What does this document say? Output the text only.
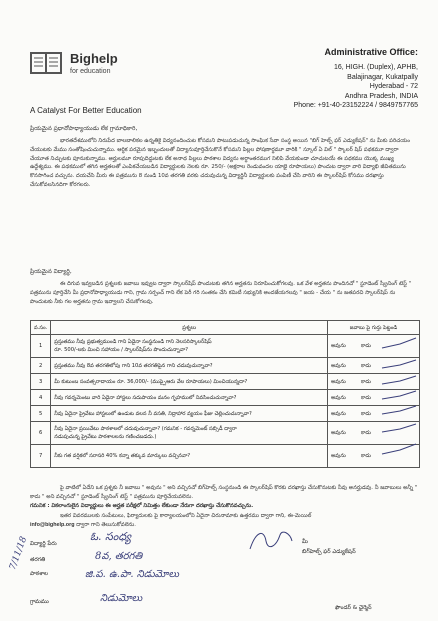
Bighelp
for education
A Catalyst For Better Education
Administrative Office:
16, HIGH. (Duplex), APHB,
Balajinagar, Kukatpally
Hyderabad - 72
Andhra Pradesh, INDIA
Phone: +91-40-23152224 / 9849757765
ప్రియమైన ప్రధానోపాధ్యాయుడు లేక గ్రామాధికారి,
భారతదేశములోని నిరుపేద బాలబాలికల ఉన్నతికై విద్యనందించుట కోసమని పాటుపడుచున్న సాంఘిక సేవా సంస్థ అయిన "బిగ్ హెల్ప్ ఫర్ ఎడ్యుకేషన్" ను మీకు పరిచయం చేయుటకు మేము సంతోషించుచున్నాము. ఆర్ధిక పరమైన ఇబ్బందులతో విద్యానువూర్తిచేసుకొనే కోసమని పిల్లల పోషణార్థమూ వారికి " స్కూల్ ఏ విల్ " స్కాలర్ షిప్ పథకమూ ద్వారా చేయూత నిచ్చుటకు పూనుకున్నాము. అర్హులమూ రూపుదిద్దుటకు లేక అనాథ పిల్లలు పాఠశాల విద్యను అర్ధాంతరముగ నిలిపి వేయకుండా చూచుటయే ఈ పథకము యొక్క ముఖ్య ఉద్దేశ్యము. ఈ పథకములో తగిన అర్హతలతో ఎంపికచేయబడిన విద్యార్థులకు నెలకు రూ. 250/- (అక్షరాల రెండువందల యాభై రూపాయలు) పొందుట ద్వారా వారి విద్యాభి జీవితమును కొనసాగించ వచ్చును. దయచేసి మీరు ఈ పత్రమును 8 నుండి 10వ తరగతి వరకు చదువుచున్న విద్యార్థినీ విద్యార్థులకు పంపిణీ చేసి వారిని ఈ స్కాలర్‌షిప్ కోసము దరఖాస్తు చేసుకోవలసినదిగా కోరగలరు.
ప్రియమైన విద్యార్థి,
ఈ దిగువ ఇవ్వబడిన ప్రశ్నలకు జవాబు ఇవ్వుట ద్వారా స్కాలర్‌షిప్ పొందుటకు తగిన అర్హతను నిరూపించుకోగలవు. ఒక వేళ అర్హతను పొందినచో " స్టూడెంట్ స్క్రీనింగ్ టెస్ట్ " పత్రమును పూర్తిచేసి మీ ప్రధానోపాధ్యాయుడు గాని, గ్రామ సర్పంచ్ గాని లేక పెరీ గరి సంతకం చేసి కమిటీ సభ్యునికి అందజేయగలవు " జయ - చేయ " ను జతపరచి స్కాలర్‌షిప్ ను పొందుటకు నీకు గల అర్హతను గ్రామ ఇవ్వాలని చేసుకోగలవు.
వ.సం.	ప్రశ్నలు	జవాబు పై గుర్తు పెట్టండి
1	ప్రస్తుతము నీవు ప్రభుత్వముండి గాని ఏదైనా సంస్థనుండి గాని నెలసరిస్కాలర్‌షిప్
రూ. 500/-లకు మించి సహాయం / స్కాలర్‌షిప్‌ను పొందుచున్నావా?	అవును కాదు
2	ప్రస్తుతము నీవు 8వ తరగతిలోపు గాని 10వ తరగతిపైన గాని చదువుచున్నావా?	అవును కాదు
3	మీ కుటుంబ సంవత్సరాదాయం రూ. 36,000/- (ముప్పైఆరు వేల రూపాయలు) మించియున్నదా?	అవును కాదు
4	నీవు గవర్నమెంటు వారి ఏదైనా హాస్టలు సదుపాయం మనం గృహములో నివసించుచున్నావా?	అవును కాదు
5	నీవు ఏదైనా ప్రైవేటు హాస్టలులో ఉండుట వలన నీ వసతి, నిద్రాహార వ్యయం ఫీజు చెల్లించుచున్నావా?	అవును కాదు
6	నీవు ఏదైనా ప్రయివేటు పాఠశాలలో చదువుచున్నావా? (గమనిక - గవర్నమెంట్ సబ్సిడీ ద్వారా
నడుపుచున్న ప్రైవేటు పాఠశాలలను గణించబడదు.)	అవును కాదు
7	నీకు గత వర్షికలో సరాసరి 40% కన్నా తక్కువ మార్కులు వచ్చినవా?	అవును కాదు
పై వాటిలో ఏదేని ఒక ప్రశ్నకు నీ జవాబు " అవును " అని వచ్చినచో బిగ్‌హెల్ప్ సంస్థనుండి ఈ స్కాలర్‌షిప్ కొరకు దరఖాస్తు చేసుకొనుటకు నీవు అనర్హుడవు. నీ జవాబులు అన్నీ " కాదు " అని వచ్చినచో " స్టూడెంట్ స్క్రీనింగ్ టెస్ట్ " పత్రమును పూర్తిచేయవలెను.
గమనిక : వికలాంగులైన విద్యార్థులు ఈ అర్హత పరీక్షలో నిమిత్తం లేకుండా నేరుగా దరఖాస్తు చేసుకొనవచ్చును.
ఇతర వివరములకు సంపేటులు, ఫిర్యాదులకు పై కార్యాలయంలోని ఏదైనా చిరునామాకు ఉత్తరము ద్వారా గాని, ఈ-మెయిల్
info@bighelp.org ద్వారా గాని తెలుసుకోవలెను.
విద్యార్థి పేరు
తరగతి
పాఠశాల
గ్రామము
మీ
బిగ్‌హెల్ప్ ఫర్ ఎడ్యుకేషన్
ఫౌండర్ & ఛైర్మెన్
ఓ. సంధ్య
8వ, తరగతి
జి.ప. ఉ.పా. నిడుమోలు
నిడుమోలు
7/11/18
